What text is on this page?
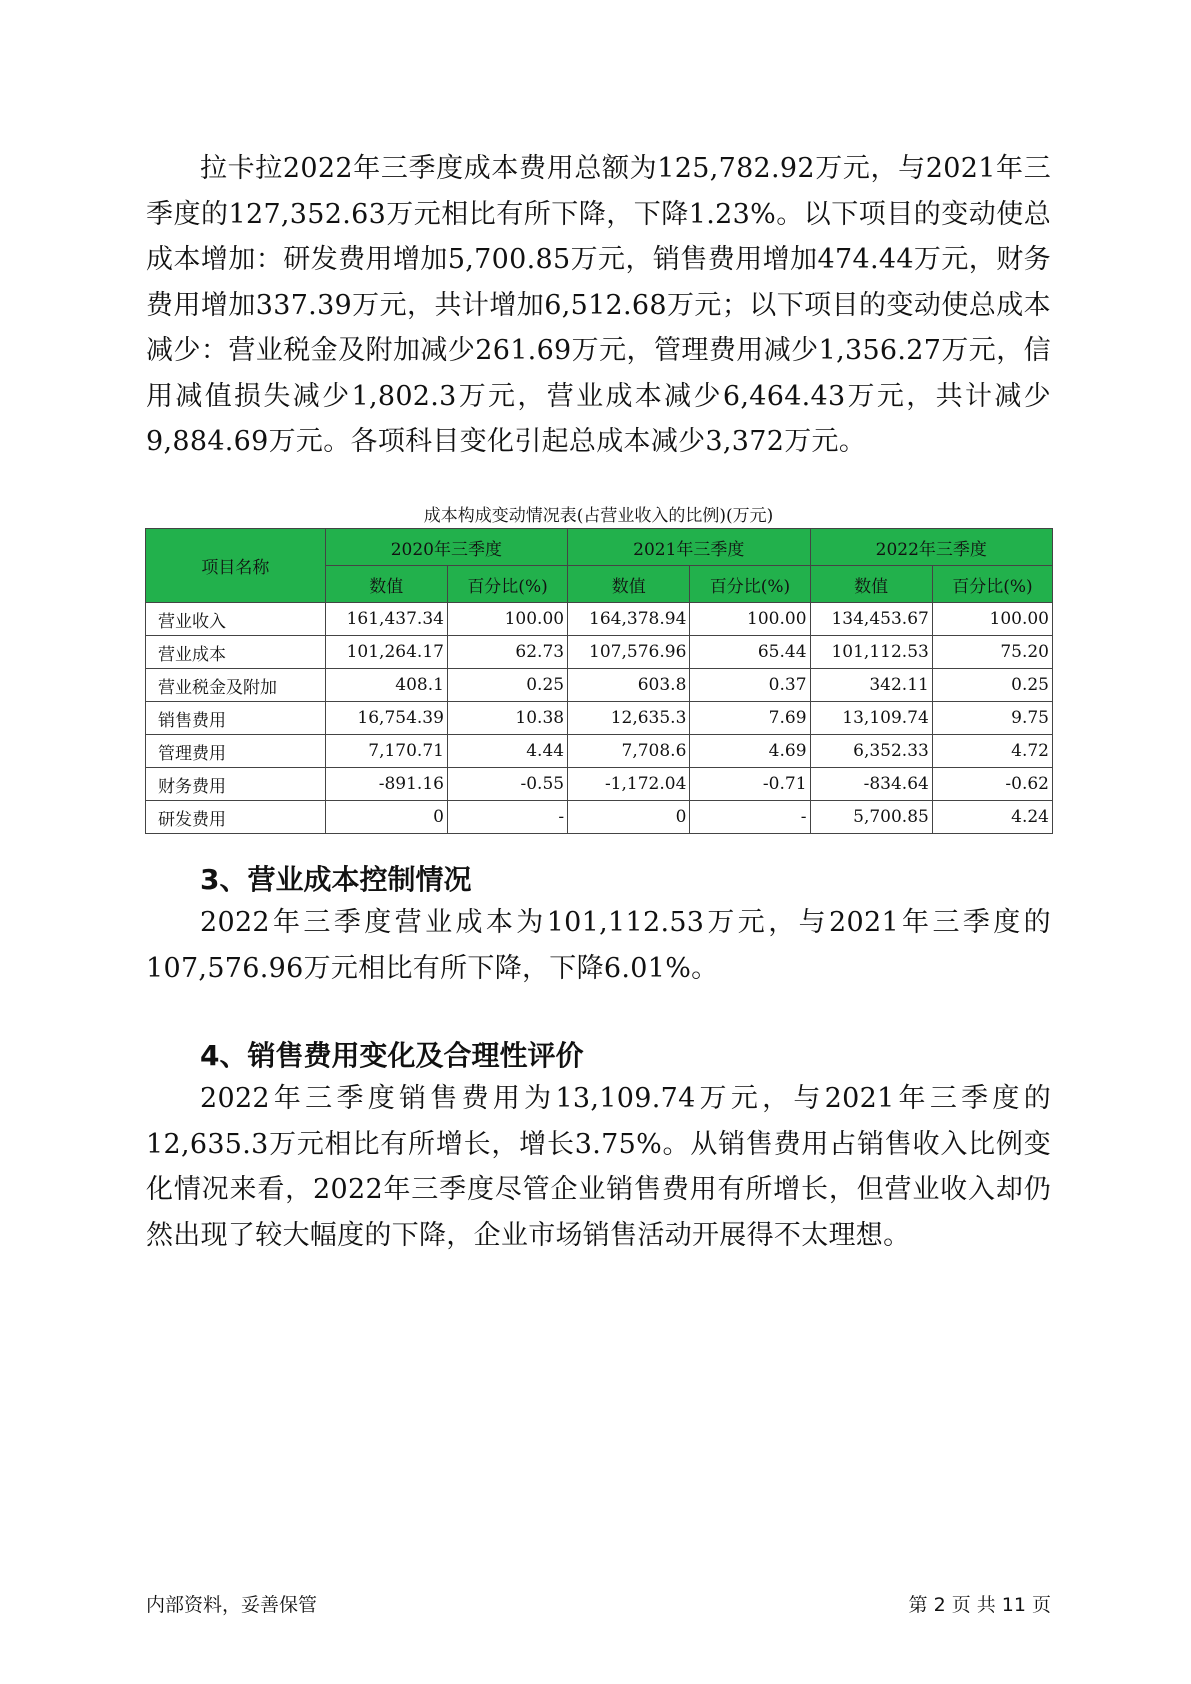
拉卡拉2022年三季度成本费用总额为125,782.92万元，与2021年三季度的127,352.63万元相比有所下降，下降1.23%。以下项目的变动使总成本增加：研发费用增加5,700.85万元，销售费用增加474.44万元，财务费用增加337.39万元，共计增加6,512.68万元；以下项目的变动使总成本减少：营业税金及附加减少261.69万元，管理费用减少1,356.27万元，信用减值损失减少1,802.3万元，营业成本减少6,464.43万元，共计减少9,884.69万元。各项科目变化引起总成本减少3,372万元。

成本构成变动情况表(占营业收入的比例)(万元)

项目名称	2020年三季度		2021年三季度		2022年三季度	
	数值	百分比(%)	数值	百分比(%)	数值	百分比(%)
营业收入	161,437.34	100.00	164,378.94	100.00	134,453.67	100.00
营业成本	101,264.17	62.73	107,576.96	65.44	101,112.53	75.20
营业税金及附加	408.1	0.25	603.8	0.37	342.11	0.25
销售费用	16,754.39	10.38	12,635.3	7.69	13,109.74	9.75
管理费用	7,170.71	4.44	7,708.6	4.69	6,352.33	4.72
财务费用	-891.16	-0.55	-1,172.04	-0.71	-834.64	-0.62
研发费用	0	-	0	-	5,700.85	4.24
3、营业成本控制情况

2022年三季度营业成本为101,112.53万元，与2021年三季度的107,576.96万元相比有所下降，下降6.01%。

4、销售费用变化及合理性评价

2022年三季度销售费用为13,109.74万元，与2021年三季度的12,635.3万元相比有所增长，增长3.75%。从销售费用占销售收入比例变化情况来看，2022年三季度尽管企业销售费用有所增长，但营业收入却仍然出现了较大幅度的下降，企业市场销售活动开展得不太理想。

内部资料，妥善保管	第 2 页 共 11 页
